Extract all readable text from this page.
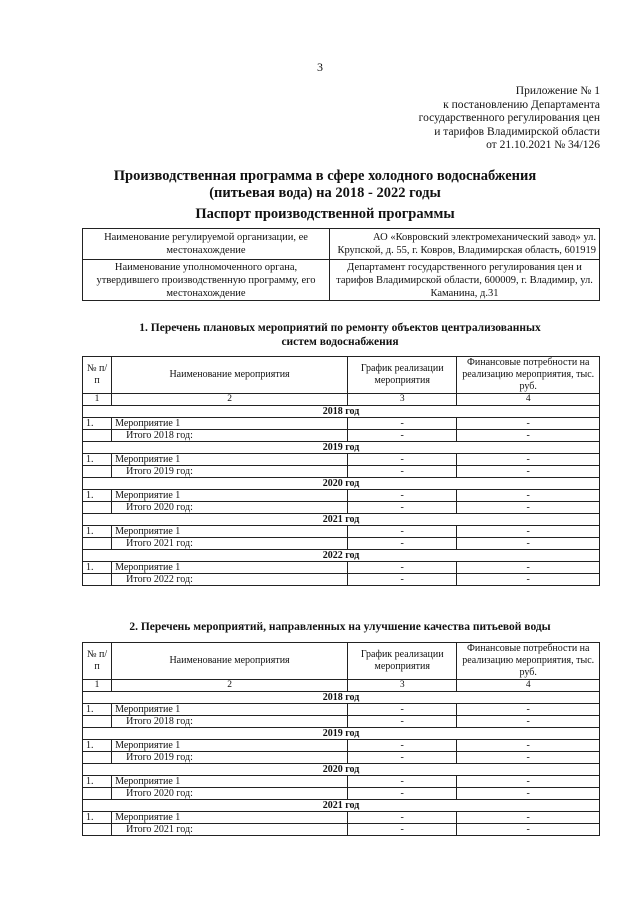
3
Приложение № 1
к постановлению Департамента
государственного регулирования цен
и тарифов Владимирской области
от 21.10.2021 № 34/126
Производственная программа в сфере холодного водоснабжения
(питьевая вода) на 2018 - 2022 годы
Паспорт производственной программы
Наименование регулируемой организации, ее местонахождение	АО «Ковровский электромеханический завод» ул. Крупской, д. 55, г. Ковров, Владимирская область, 601919
Наименование уполномоченного органа, утвердившего производственную программу, его местонахождение	Департамент государственного регулирования цен и тарифов Владимирской области, 600009, г. Владимир, ул. Каманина, д.31
1. Перечень плановых мероприятий по ремонту объектов централизованных
систем водоснабжения
№ п/п	Наименование мероприятия	График реализации мероприятия	Финансовые потребности на реализацию мероприятия, тыс. руб.
1	2	3	4
2018 год			
1.	Мероприятие 1	-	-
	Итого 2018 год:	-	-
2019 год			
1.	Мероприятие 1	-	-
	Итого 2019 год:	-	-
2020 год			
1.	Мероприятие 1	-	-
	Итого 2020 год:	-	-
2021 год			
1.	Мероприятие 1	-	-
	Итого 2021 год:	-	-
2022 год			
1.	Мероприятие 1	-	-
	Итого 2022 год:	-	-
2. Перечень мероприятий, направленных на улучшение качества питьевой воды
№ п/п	Наименование мероприятия	График реализации мероприятия	Финансовые потребности на реализацию мероприятия, тыс. руб.
1	2	3	4
2018 год			
1.	Мероприятие 1	-	-
	Итого 2018 год:	-	-
2019 год			
1.	Мероприятие 1	-	-
	Итого 2019 год:	-	-
2020 год			
1.	Мероприятие 1	-	-
	Итого 2020 год:	-	-
2021 год			
1.	Мероприятие 1	-	-
	Итого 2021 год:	-	-
